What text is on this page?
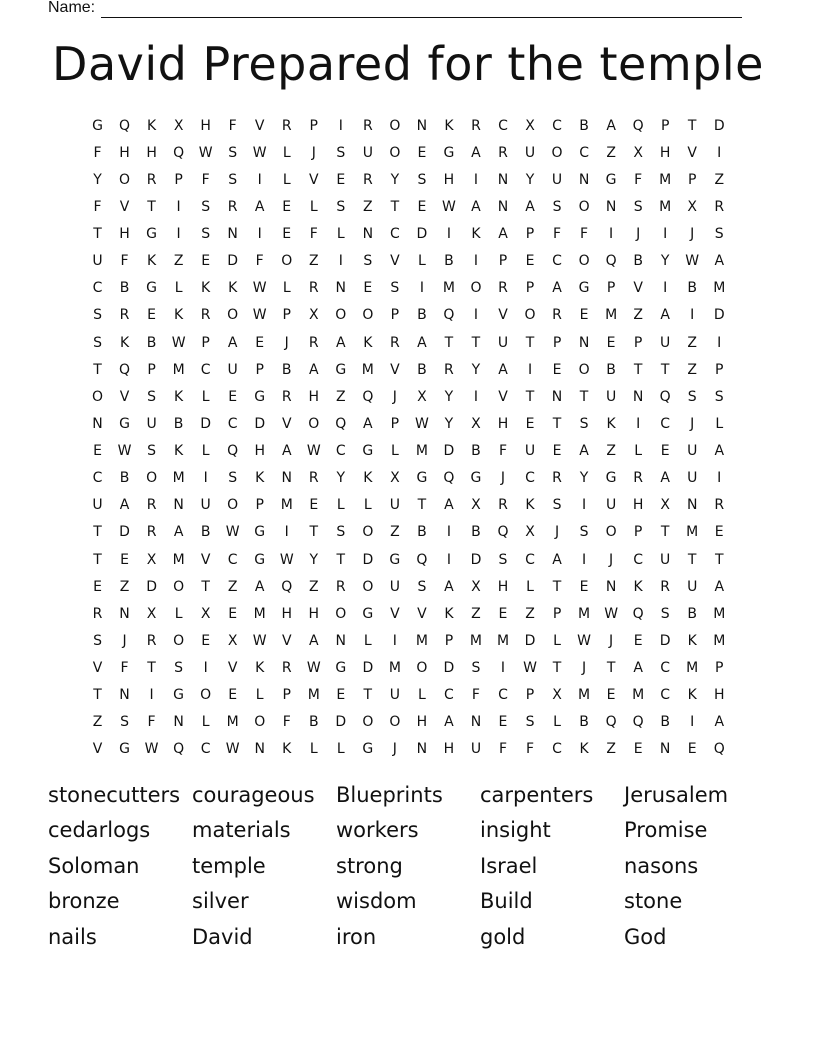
Name:
David Prepared for the temple
G	Q	K	X	H	F	V	R	P	I	R	O	N	K	R	C	X	C	B	A	Q	P	T	D
F	H	H	Q	W	S	W	L	J	S	U	O	E	G	A	R	U	O	C	Z	X	H	V	I
Y	O	R	P	F	S	I	L	V	E	R	Y	S	H	I	N	Y	U	N	G	F	M	P	Z
F	V	T	I	S	R	A	E	L	S	Z	T	E	W	A	N	A	S	O	N	S	M	X	R
T	H	G	I	S	N	I	E	F	L	N	C	D	I	K	A	P	F	F	I	J	I	J	S
U	F	K	Z	E	D	F	O	Z	I	S	V	L	B	I	P	E	C	O	Q	B	Y	W	A
C	B	G	L	K	K	W	L	R	N	E	S	I	M	O	R	P	A	G	P	V	I	B	M
S	R	E	K	R	O	W	P	X	O	O	P	B	Q	I	V	O	R	E	M	Z	A	I	D
S	K	B	W	P	A	E	J	R	A	K	R	A	T	T	U	T	P	N	E	P	U	Z	I
T	Q	P	M	C	U	P	B	A	G	M	V	B	R	Y	A	I	E	O	B	T	T	Z	P
O	V	S	K	L	E	G	R	H	Z	Q	J	X	Y	I	V	T	N	T	U	N	Q	S	S
N	G	U	B	D	C	D	V	O	Q	A	P	W	Y	X	H	E	T	S	K	I	C	J	L
E	W	S	K	L	Q	H	A	W	C	G	L	M	D	B	F	U	E	A	Z	L	E	U	A
C	B	O	M	I	S	K	N	R	Y	K	X	G	Q	G	J	C	R	Y	G	R	A	U	I
U	A	R	N	U	O	P	M	E	L	L	U	T	A	X	R	K	S	I	U	H	X	N	R
T	D	R	A	B	W	G	I	T	S	O	Z	B	I	B	Q	X	J	S	O	P	T	M	E
T	E	X	M	V	C	G	W	Y	T	D	G	Q	I	D	S	C	A	I	J	C	U	T	T
E	Z	D	O	T	Z	A	Q	Z	R	O	U	S	A	X	H	L	T	E	N	K	R	U	A
R	N	X	L	X	E	M	H	H	O	G	V	V	K	Z	E	Z	P	M	W	Q	S	B	M
S	J	R	O	E	X	W	V	A	N	L	I	M	P	M	M	D	L	W	J	E	D	K	M
V	F	T	S	I	V	K	R	W	G	D	M	O	D	S	I	W	T	J	T	A	C	M	P
T	N	I	G	O	E	L	P	M	E	T	U	L	C	F	C	P	X	M	E	M	C	K	H
Z	S	F	N	L	M	O	F	B	D	O	O	H	A	N	E	S	L	B	Q	Q	B	I	A
V	G	W	Q	C	W	N	K	L	L	G	J	N	H	U	F	F	C	K	Z	E	N	E	Q
stonecutters courageous	Blueprints	carpenters	Jerusalem
cedarlogs	materials	workers	insight	Promise
Soloman	temple	strong	Israel	nasons
bronze	silver	wisdom	Build	stone
nails	David	iron	gold	God
